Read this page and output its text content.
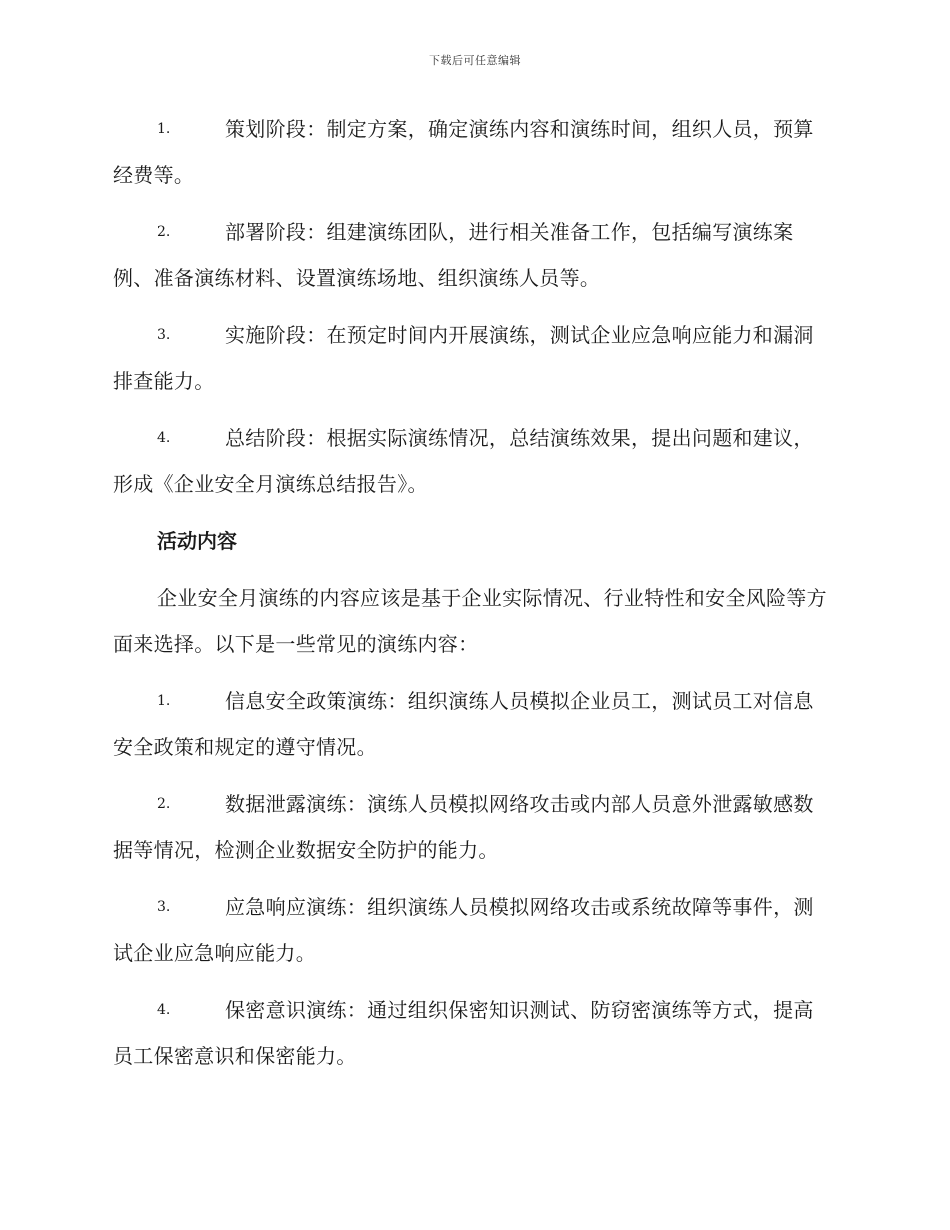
下载后可任意编辑
1.	策划阶段：制定方案，确定演练内容和演练时间，组织人员，预算经费等。
2.	部署阶段：组建演练团队，进行相关准备工作，包括编写演练案例、准备演练材料、设置演练场地、组织演练人员等。
3.	实施阶段：在预定时间内开展演练，测试企业应急响应能力和漏洞排查能力。
4.	总结阶段：根据实际演练情况，总结演练效果，提出问题和建议，形成《企业安全月演练总结报告》。
活动内容
企业安全月演练的内容应该是基于企业实际情况、行业特性和安全风险等方面来选择。以下是一些常见的演练内容：
1.	信息安全政策演练：组织演练人员模拟企业员工，测试员工对信息安全政策和规定的遵守情况。
2.	数据泄露演练：演练人员模拟网络攻击或内部人员意外泄露敏感数据等情况，检测企业数据安全防护的能力。
3.	应急响应演练：组织演练人员模拟网络攻击或系统故障等事件，测试企业应急响应能力。
4.	保密意识演练：通过组织保密知识测试、防窃密演练等方式，提高员工保密意识和保密能力。
